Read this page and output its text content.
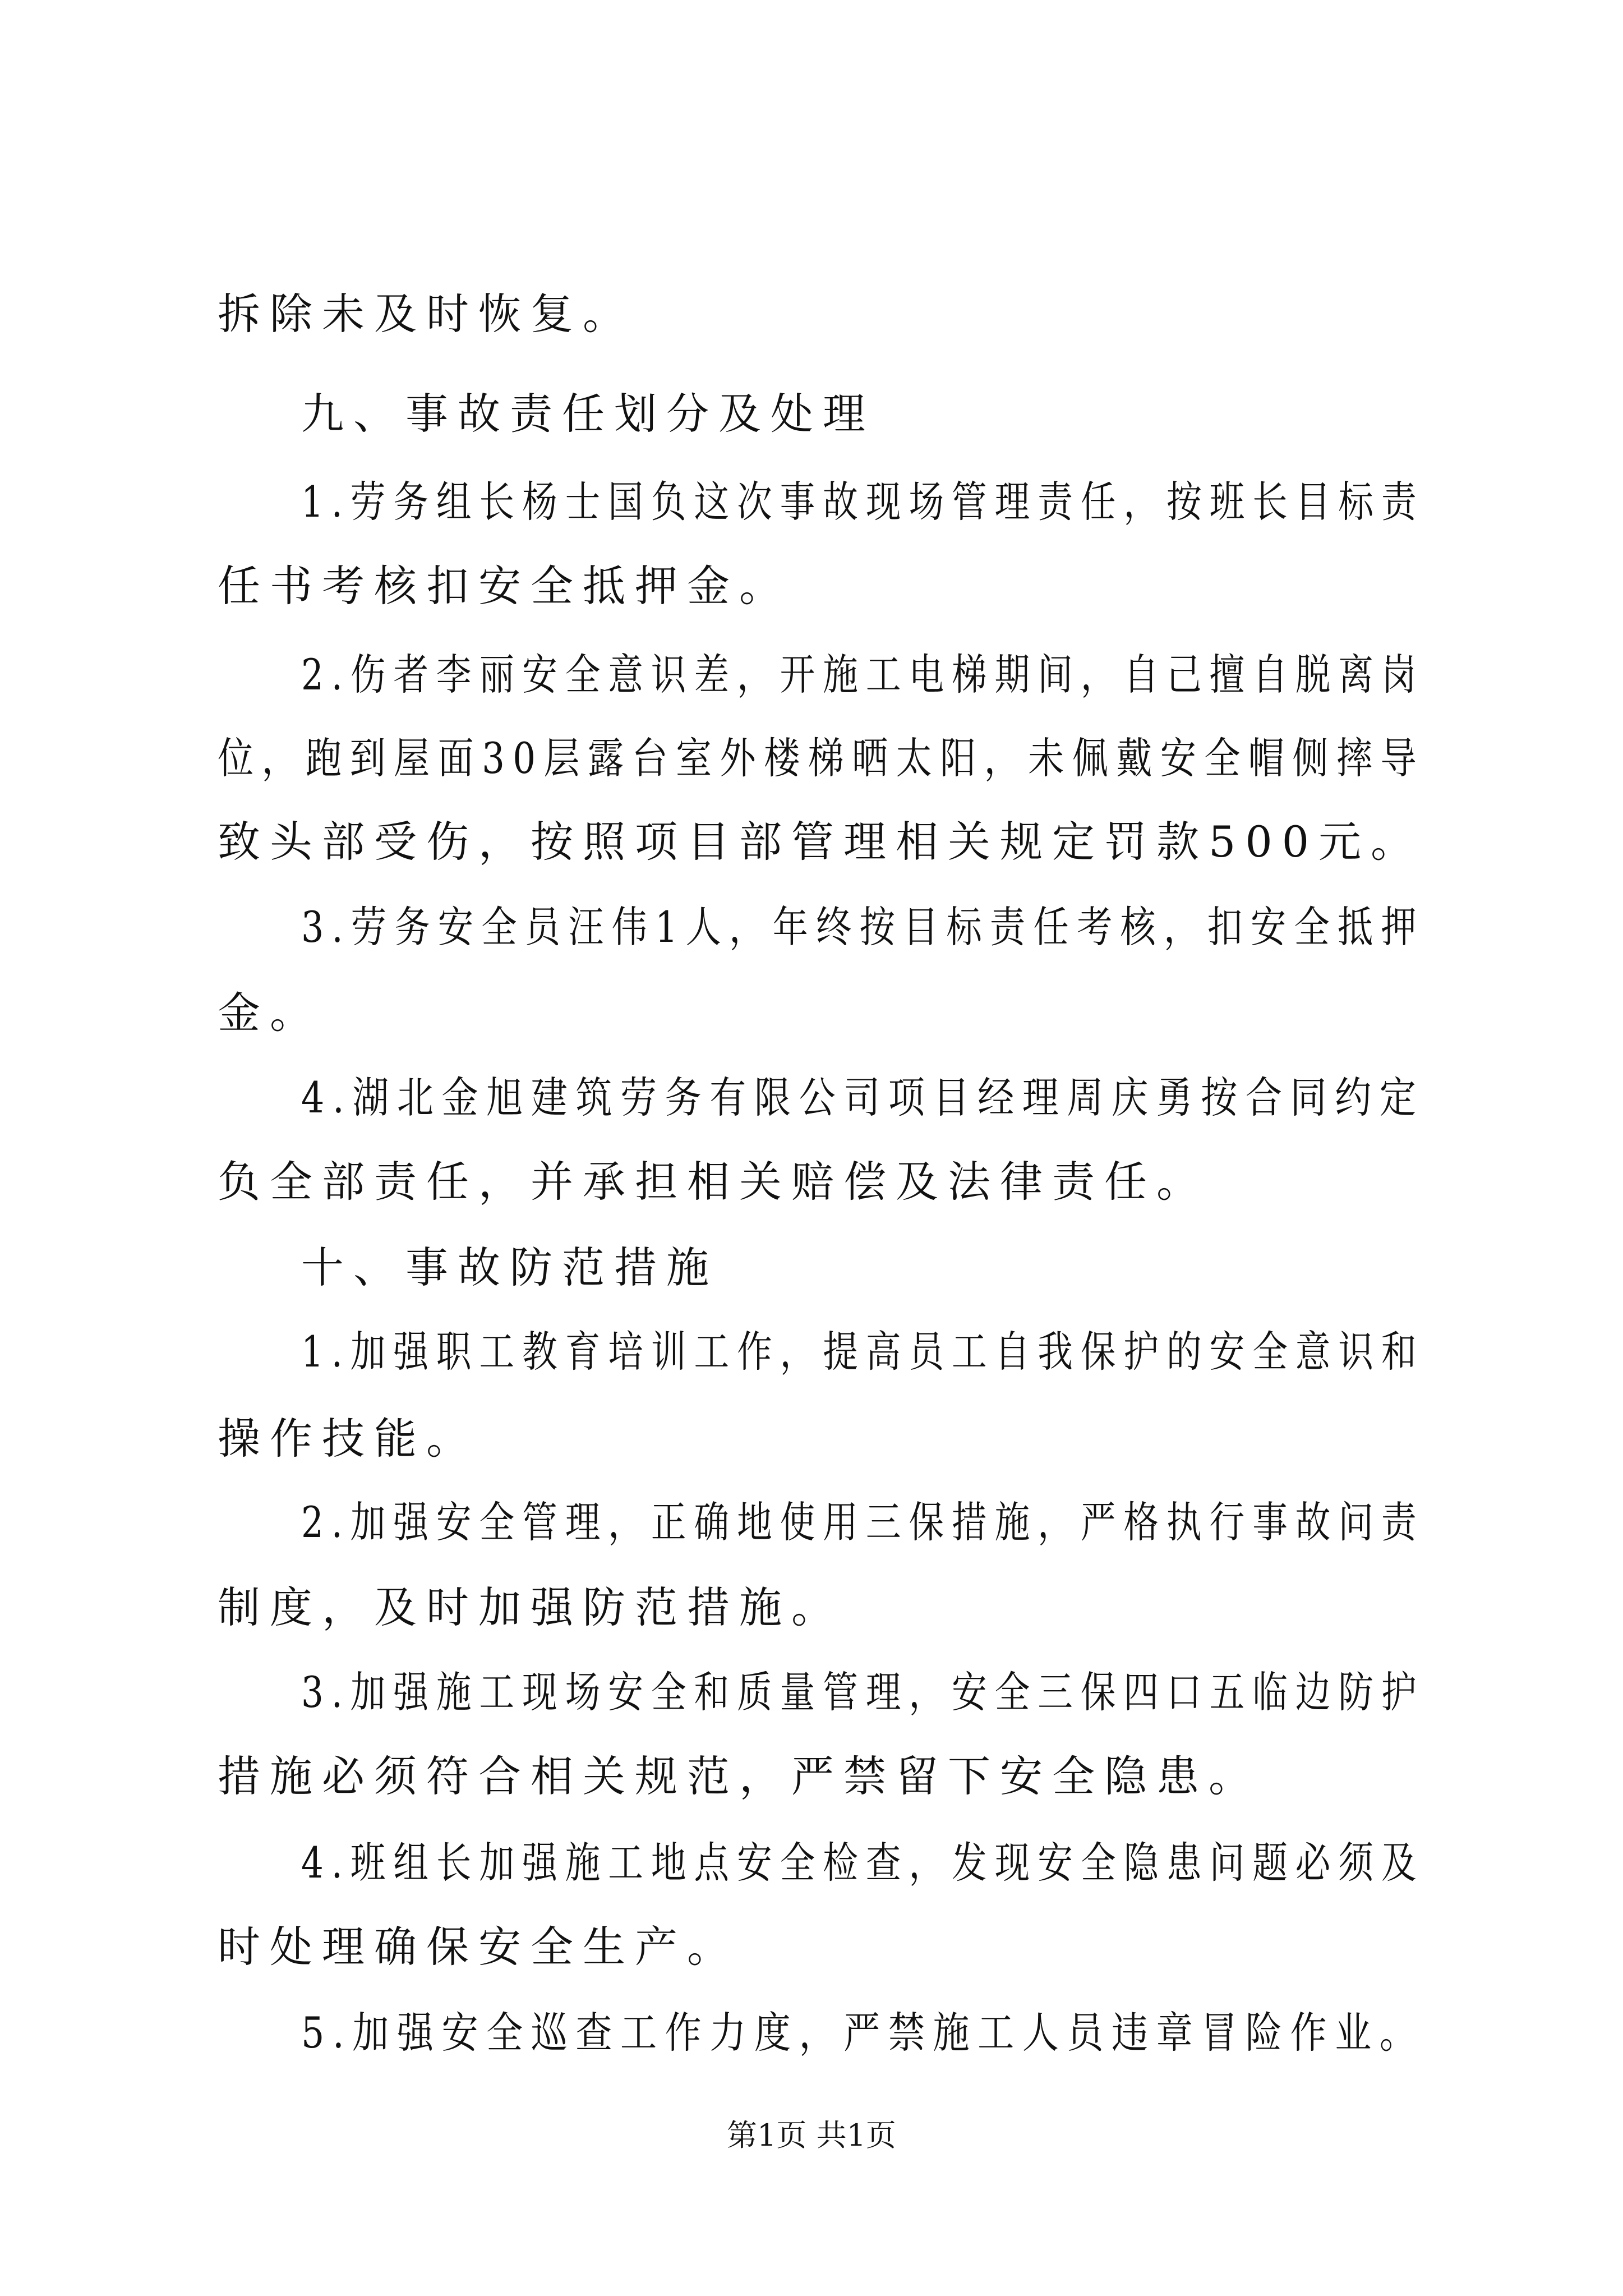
拆除未及时恢复。
九、事故责任划分及处理
1.劳务组长杨士国负这次事故现场管理责任，按班长目标责
任书考核扣安全抵押金。
2.伤者李丽安全意识差，开施工电梯期间，自己擅自脱离岗
位，跑到屋面30层露台室外楼梯晒太阳，未佩戴安全帽侧摔导
致头部受伤，按照项目部管理相关规定罚款500元。
3.劳务安全员汪伟1人，年终按目标责任考核，扣安全抵押
金。
4.湖北金旭建筑劳务有限公司项目经理周庆勇按合同约定
负全部责任，并承担相关赔偿及法律责任。
十、事故防范措施
1.加强职工教育培训工作，提高员工自我保护的安全意识和
操作技能。
2.加强安全管理，正确地使用三保措施，严格执行事故问责
制度，及时加强防范措施。
3.加强施工现场安全和质量管理，安全三保四口五临边防护
措施必须符合相关规范，严禁留下安全隐患。
4.班组长加强施工地点安全检查，发现安全隐患问题必须及
时处理确保安全生产。
5.加强安全巡查工作力度，严禁施工人员违章冒险作业。
第1页 共1页
